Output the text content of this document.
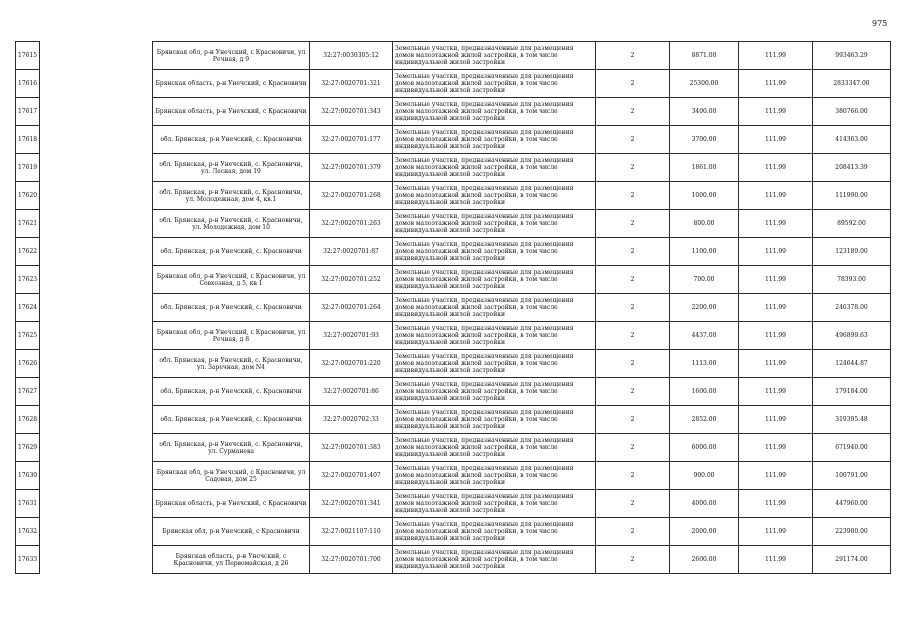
975
17615		Брянская обл, р-н Унечский, с Красновичи, ул Речная, д 9	32:27:0030305:12	Земельные участки, предназначенные для размещения домов малоэтажной жилой застройки, в том числе индивидуальной жилой застройки	2	8871.00	111.99	993463.29
17616		Брянская область, р-н Унечский, с Красновичи	32:27:0020701:321	Земельные участки, предназначенные для размещения домов малоэтажной жилой застройки, в том числе индивидуальной жилой застройки	2	25300.00	111.99	2833347.00
17617		Брянская область, р-н Унечский, с Красновичи	32:27:0020701:343	Земельные участки, предназначенные для размещения домов малоэтажной жилой застройки, в том числе индивидуальной жилой застройки	2	3400.00	111.99	380766.00
17618		обл. Брянская, р-н Унечский, с. Красновичи	32:27:0020701:177	Земельные участки, предназначенные для размещения домов малоэтажной жилой застройки, в том числе индивидуальной жилой застройки	2	3700.00	111.99	414363.00
17619		обл. Брянская, р-н Унечский, с. Красновичи, ул. Лесная, дом 19	32:27:0020701:379	Земельные участки, предназначенные для размещения домов малоэтажной жилой застройки, в том числе индивидуальной жилой застройки	2	1861.00	111.99	208413.39
17620		обл. Брянская, р-н Унечский, с. Красновичи, ул. Молодежная, дом 4, кв.1	32:27:0020701:268	Земельные участки, предназначенные для размещения домов малоэтажной жилой застройки, в том числе индивидуальной жилой застройки	2	1000.00	111.99	111990.00
17621		обл. Брянская, р-н Унечский, с. Красновичи, ул. Молодежная, дом 10	32:27:0020701:263	Земельные участки, предназначенные для размещения домов малоэтажной жилой застройки, в том числе индивидуальной жилой застройки	2	800.00	111.99	89592.00
17622		обл. Брянская, р-н Унечский, с. Красновичи	32:27:0020701:87	Земельные участки, предназначенные для размещения домов малоэтажной жилой застройки, в том числе индивидуальной жилой застройки	2	1100.00	111.99	123189.00
17623		Брянская обл, р-н Унечский, с Красновичи, ул Совхозная, д 5, кв 1	32:27:0020701:252	Земельные участки, предназначенные для размещения домов малоэтажной жилой застройки, в том числе индивидуальной жилой застройки	2	700.00	111.99	78393.00
17624		обл. Брянская, р-н Унечский, с. Красновичи	32:27:0020701:264	Земельные участки, предназначенные для размещения домов малоэтажной жилой застройки, в том числе индивидуальной жилой застройки	2	2200.00	111.99	246378.00
17625		Брянская обл, р-н Унечский, с Красновичи, ул Речная, д 8	32:27:0020701:93	Земельные участки, предназначенные для размещения домов малоэтажной жилой застройки, в том числе индивидуальной жилой застройки	2	4437.00	111.99	496899.63
17626		обл. Брянская, р-н Унечский, с. Красновичи, ул. Заречная, дом N4	32:27:0020701:220	Земельные участки, предназначенные для размещения домов малоэтажной жилой застройки, в том числе индивидуальной жилой застройки	2	1113.00	111.99	124644.87
17627		обл. Брянская, р-н Унечский, с. Красновичи	32:27:0020701:86	Земельные участки, предназначенные для размещения домов малоэтажной жилой застройки, в том числе индивидуальной жилой застройки	2	1600.00	111.99	179184.00
17628		обл. Брянская, р-н Унечский, с. Красновичи	32:27:0020702:33	Земельные участки, предназначенные для размещения домов малоэтажной жилой застройки, в том числе индивидуальной жилой застройки	2	2852.00	111.99	319395.48
17629		обл. Брянская, р-н Унечский, с. Красновичи, ул. Сурманева	32:27:0020701:383	Земельные участки, предназначенные для размещения домов малоэтажной жилой застройки, в том числе индивидуальной жилой застройки	2	6000.00	111.99	671940.00
17630		Брянская обл, р-н Унечский, с Красновичи, ул Садовая, дом 25	32:27:0020701:407	Земельные участки, предназначенные для размещения домов малоэтажной жилой застройки, в том числе индивидуальной жилой застройки	2	900.00	111.99	100791.00
17631		Брянская область, р-н Унечский, с Красновичи	32:27:0020701:341	Земельные участки, предназначенные для размещения домов малоэтажной жилой застройки, в том числе индивидуальной жилой застройки	2	4000.00	111.99	447960.00
17632		Брянская обл, р-н Унечский, с Красновичи	32:27:0021107:110	Земельные участки, предназначенные для размещения домов малоэтажной жилой застройки, в том числе индивидуальной жилой застройки	2	2000.00	111.99	223980.00
17633		Брянская область, р-н Унечский, с Красновичи, ул Первомайская, д 26	32:27:0020701:700	Земельные участки, предназначенные для размещения домов малоэтажной жилой застройки, в том числе индивидуальной жилой застройки	2	2600.00	111.99	291174.00
